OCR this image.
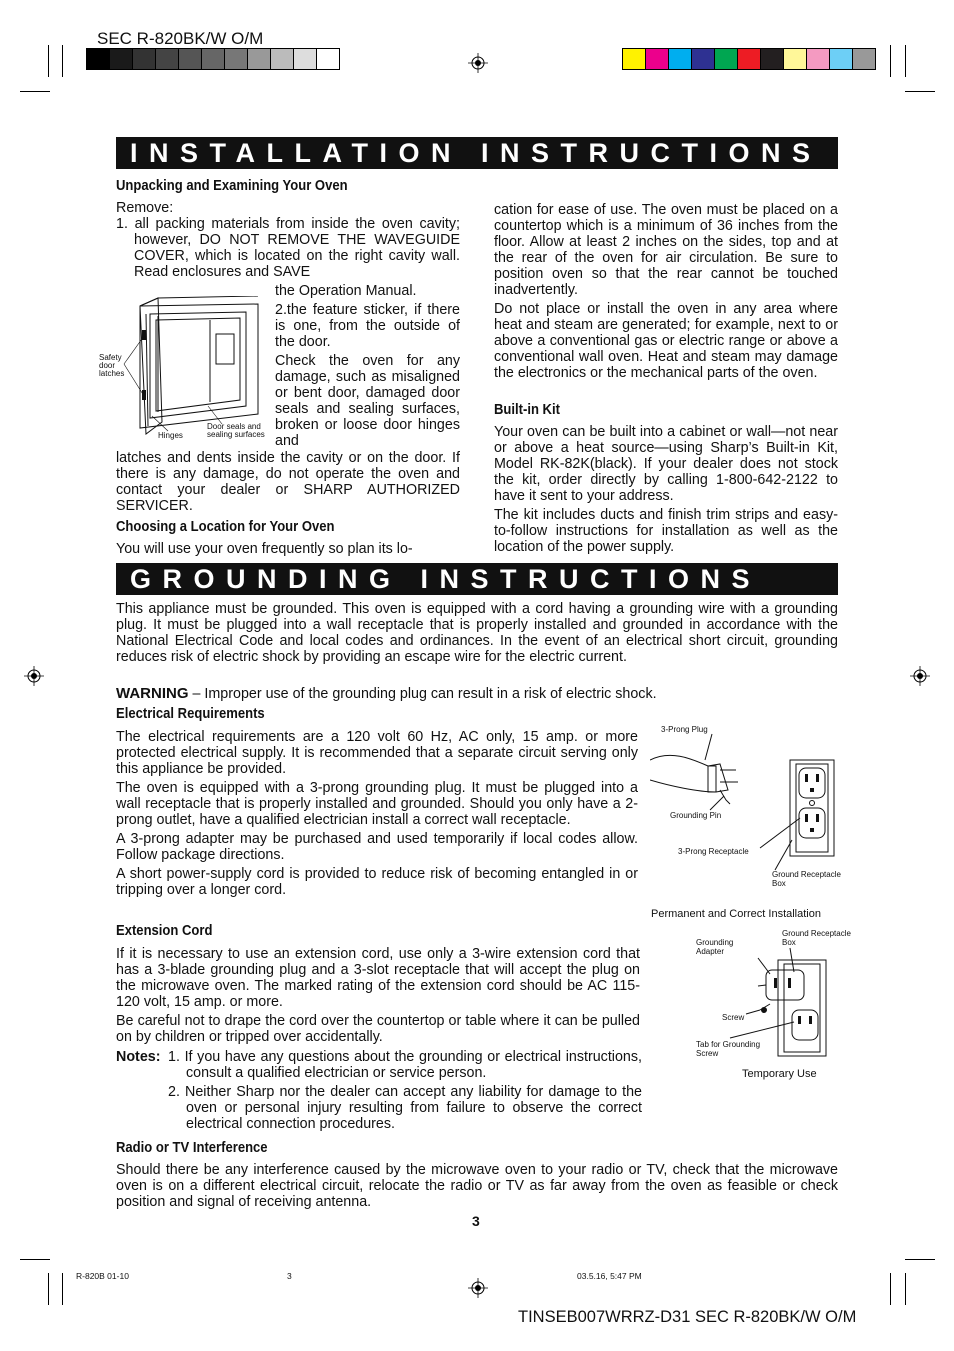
SEC R-820BK/W O/M
INSTALLATION INSTRUCTIONS
Unpacking and Examining Your Oven

Remove:

1. all packing materials from inside the oven cavity; however, DO NOT REMOVE THE WAVEGUIDE COVER, which is located on the right cavity wall. Read enclosures and SAVE

the Operation Manual.

2.the feature sticker, if there is one, from the outside of the door.

Check the oven for any damage, such as misaligned or bent door, damaged door seals and sealing surfaces, broken or loose door hinges and

Safety door latches
Hinges
Door seals and sealing surfaces
latches and dents inside the cavity or on the door. If there is any damage, do not operate the oven and contact your dealer or SHARP AUTHORIZED SERVICER.
Choosing a Location for Your Oven
You will use your oven frequently so plan its lo-

cation for ease of use. The oven must be placed on a countertop which is a minimum of 36 inches from the floor. Allow at least 2 inches on the sides, top and at the rear of the oven for air circulation. Be sure to position oven so that the rear cannot be touched inadvertently.

Do not place or install the oven in any area where heat and steam are generated; for example, next to or above a conventional gas or electric range or above a conventional wall oven. Heat and steam may damage the electronics or the mechanical parts of the oven.

Built-in Kit

Your oven can be built into a cabinet or wall—not near or above a heat source—using Sharp’s Built-in Kit, Model RK-82K(black). If your dealer does not stock the kit, order directly by calling 1-800-642-2122 to have it sent to your address.

The kit includes ducts and finish trim strips and easy-to-follow instructions for installation as well as the location of the power supply.

GROUNDING INSTRUCTIONS
This appliance must be grounded. This oven is equipped with a cord having a grounding wire with a grounding plug. It must be plugged into a wall receptacle that is properly installed and grounded in accordance with the National Electrical Code and local codes and ordinances. In the event of an electrical short circuit, grounding reduces risk of electric shock by providing an escape wire for the electric current.
WARNING – Improper use of the grounding plug can result in a risk of electric shock.
Electrical Requirements

The electrical requirements are a 120 volt 60 Hz, AC only, 15 amp. or more protected electrical supply. It is recommended that a separate circuit serving only this appliance be provided.

The oven is equipped with a 3-prong grounding plug. It must be plugged into a wall receptacle that is properly installed and grounded. Should you only have a 2-prong outlet, have a qualified electrician install a correct wall receptacle.

A 3-prong adapter may be purchased and used temporarily if local codes allow. Follow package directions.

A short power-supply cord is provided to reduce risk of becoming entangled in or tripping over a longer cord.

Extension Cord

If it is necessary to use an extension cord, use only a 3-wire extension cord that has a 3-blade grounding plug and a 3-slot receptacle that will accept the plug on the microwave oven. The marked rating of the extension cord should be AC 115-120 volt, 15 amp. or more.

Be careful not to drape the cord over the countertop or table where it can be pulled on by children or tripped over accidentally.

Notes: 1. If you have any questions about the grounding or electrical instructions, consult a qualified electrician or service person.

2. Neither Sharp nor the dealer can accept any liability for damage to the oven or personal injury resulting from failure to observe the correct electrical connection procedures.

Radio or TV Interference
Should there be any interference caused by the microwave oven to your radio or TV, check that the microwave oven is on a different electrical circuit, relocate the radio or TV as far away from the oven as feasible or check position and signal of receiving antenna.
3-Prong Plug
Grounding Pin
3-Prong Receptacle
Ground Receptacle Box
Permanent and Correct Installation
Grounding Adapter
Ground Receptacle Box
Screw
Tab for Grounding Screw
Temporary Use
3
R-820B 01-10	3	03.5.16, 5:47 PM
TINSEB007WRRZ-D31 SEC R-820BK/W O/M
